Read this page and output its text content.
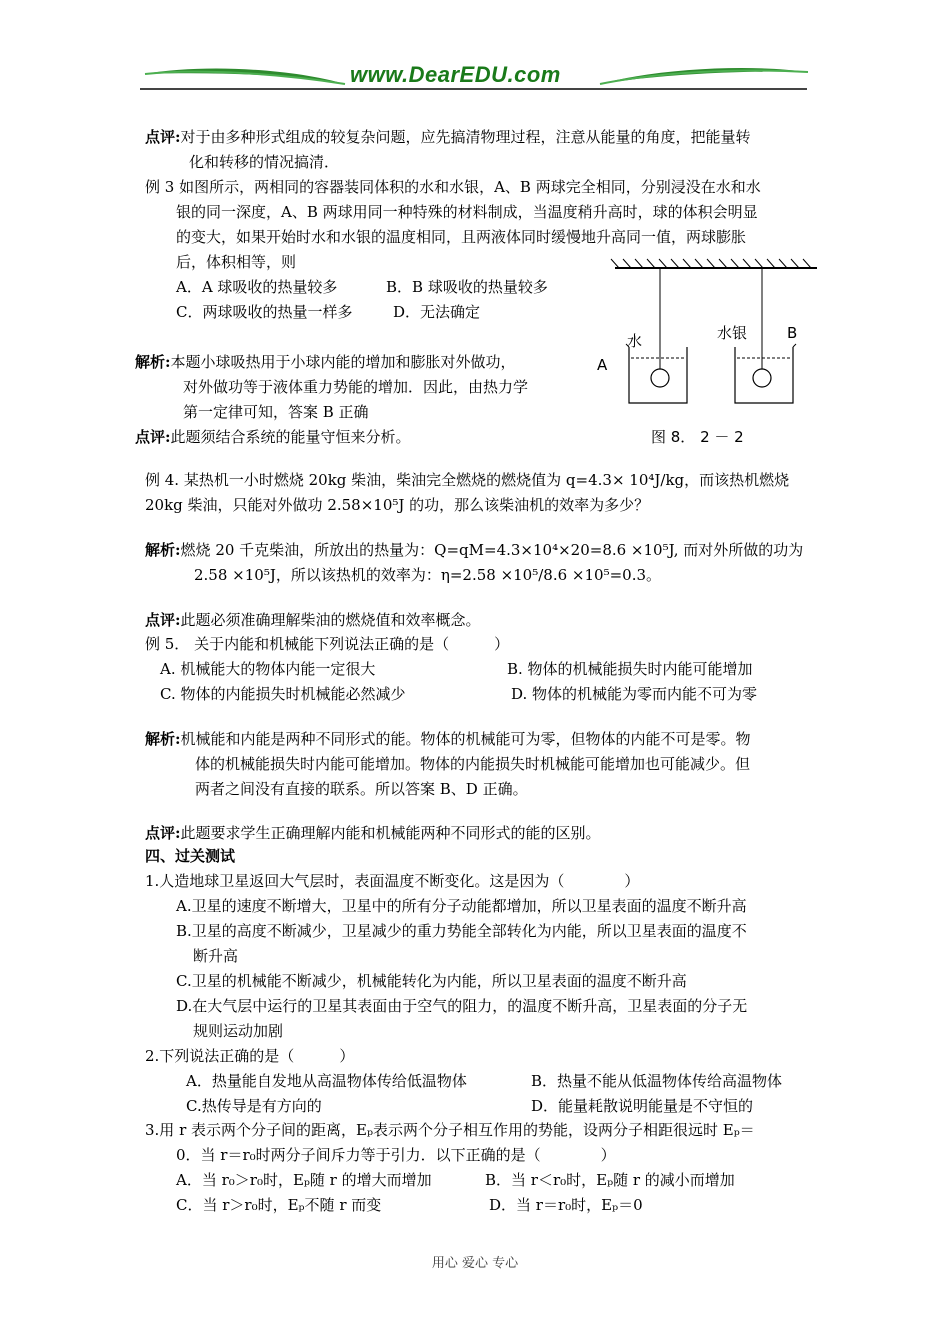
www.DearEDU.com
点评:对于由多种形式组成的较复杂问题，应先搞清物理过程，注意从能量的角度，把能量转
化和转移的情况搞清．
例 3 如图所示，两相同的容器装同体积的水和水银，A、B 两球完全相同，分别浸没在水和水
银的同一深度，A、B 两球用同一种特殊的材料制成，当温度稍升高时，球的体积会明显
的变大，如果开始时水和水银的温度相同，且两液体同时缓慢地升高同一值，两球膨胀
后，体积相等，则
A．A 球吸收的热量较多	B．B 球吸收的热量较多
C．两球吸收的热量一样多	D．无法确定
解析:本题小球吸热用于小球内能的增加和膨胀对外做功，
对外做功等于液体重力势能的增加．因此，由热力学
第一定律可知，答案 B 正确
点评:此题须结合系统的能量守恒来分析。
水	水银
A
B
图 8． 2 － 2
例 4. 某热机一小时燃烧 20kg 柴油，柴油完全燃烧的燃烧值为 q=4.3× 10⁴J/kg，而该热机燃烧
20kg 柴油，只能对外做功 2.58×10⁵J 的功，那么该柴油机的效率为多少？
解析:燃烧 20 千克柴油，所放出的热量为：Q=qM=4.3×10⁴×20=8.6 ×10⁵J, 而对外所做的功为
2.58 ×10⁵J，所以该热机的效率为：η=2.58 ×10⁵/8.6 ×10⁵=0.3。
点评:此题必须准确理解柴油的燃烧值和效率概念。
例 5． 关于内能和机械能下列说法正确的是（　　　）
A. 机械能大的物体内能一定很大	B. 物体的机械能损失时内能可能增加
C. 物体的内能损失时机械能必然减少	D. 物体的机械能为零而内能不可为零
解析:机械能和内能是两种不同形式的能。物体的机械能可为零，但物体的内能不可是零。物
体的机械能损失时内能可能增加。物体的内能损失时机械能可能增加也可能减少。但
两者之间没有直接的联系。所以答案 B、D 正确。
点评:此题要求学生正确理解内能和机械能两种不同形式的能的区别。
四、过关测试
1.人造地球卫星返回大气层时，表面温度不断变化。这是因为（　　　　）
A.卫星的速度不断增大，卫星中的所有分子动能都增加，所以卫星表面的温度不断升高
B.卫星的高度不断减少，卫星减少的重力势能全部转化为内能，所以卫星表面的温度不
断升高
C.卫星的机械能不断减少，机械能转化为内能，所以卫星表面的温度不断升高
D.在大气层中运行的卫星其表面由于空气的阻力，的温度不断升高，卫星表面的分子无
规则运动加剧
2.下列说法正确的是（　　　）
A．热量能自发地从高温物体传给低温物体	B．热量不能从低温物体传给高温物体
C.热传导是有方向的	D．能量耗散说明能量是不守恒的
3.用 r 表示两个分子间的距离，Eₚ表示两个分子相互作用的势能，设两分子相距很远时 Eₚ＝
0．当 r＝r₀时两分子间斥力等于引力．以下正确的是（　　　　）
A．当 r₀＞r₀时，Eₚ随 r 的增大而增加	B．当 r＜r₀时，Eₚ随 r 的减小而增加
C．当 r＞r₀时，Eₚ不随 r 而变	D．当 r＝r₀时，Eₚ＝0
用心 爱心 专心
